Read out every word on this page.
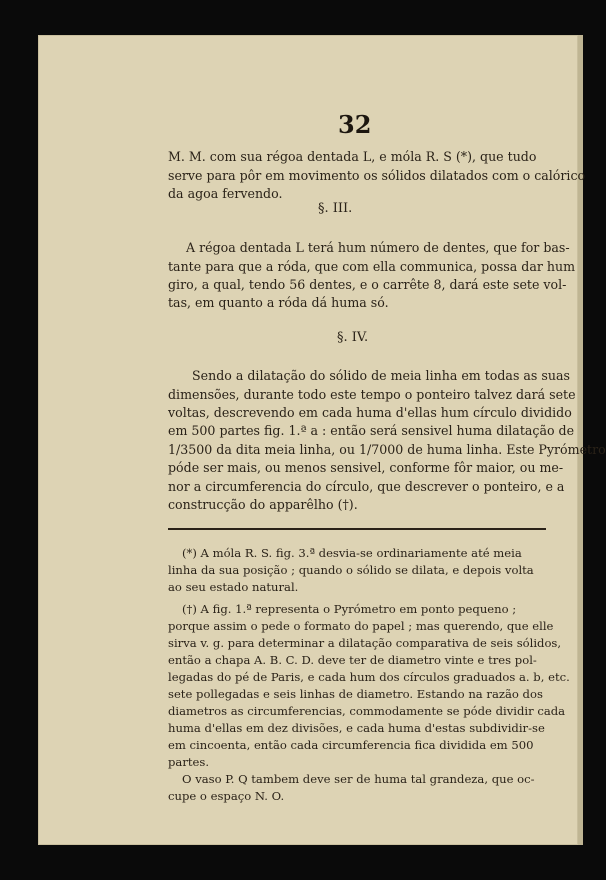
32
M. M. com sua régoa dentada L, e móla R. S (*), que tudo
serve para pôr em movimento os sólidos dilatados com o calórico
da agoa fervendo.
§. III.
A régoa dentada L terá hum número de dentes, que for bas-
tante para que a róda, que com ella communica, possa dar hum
giro, a qual, tendo 56 dentes, e o carrête 8, dará este sete vol-
tas, em quanto a róda dá huma só.
§. IV.
Sendo a dilatação do sólido de meia linha em todas as suas
dimensões, durante todo este tempo o ponteiro talvez dará sete
voltas, descrevendo em cada huma d'ellas hum círculo dividido
em 500 partes fig. 1.ª a : então será sensivel huma dilatação de
1/3500 da dita meia linha, ou 1/7000 de huma linha. Este Pyrómetro
póde ser mais, ou menos sensivel, conforme fôr maior, ou me-
nor a circumferencia do círculo, que descrever o ponteiro, e a
construcção do apparêlho (†).
(*) A móla R. S. fig. 3.ª desvia-se ordinariamente até meia
linha da sua posição ; quando o sólido se dilata, e depois volta
ao seu estado natural.
(†) A fig. 1.ª representa o Pyrómetro em ponto pequeno ;
porque assim o pede o formato do papel ; mas querendo, que elle
sirva v. g. para determinar a dilatação comparativa de seis sólidos,
então a chapa A. B. C. D. deve ter de diametro vinte e tres pol-
legadas do pé de Paris, e cada hum dos círculos graduados a. b, etc.
sete pollegadas e seis linhas de diametro. Estando na razão dos
diametros as circumferencias, commodamente se póde dividir cada
huma d'ellas em dez divisões, e cada huma d'estas subdividir-se
em cincoenta, então cada circumferencia fica dividida em 500
partes.
O vaso P. Q tambem deve ser de huma tal grandeza, que oc-
cupe o espaço N. O.
